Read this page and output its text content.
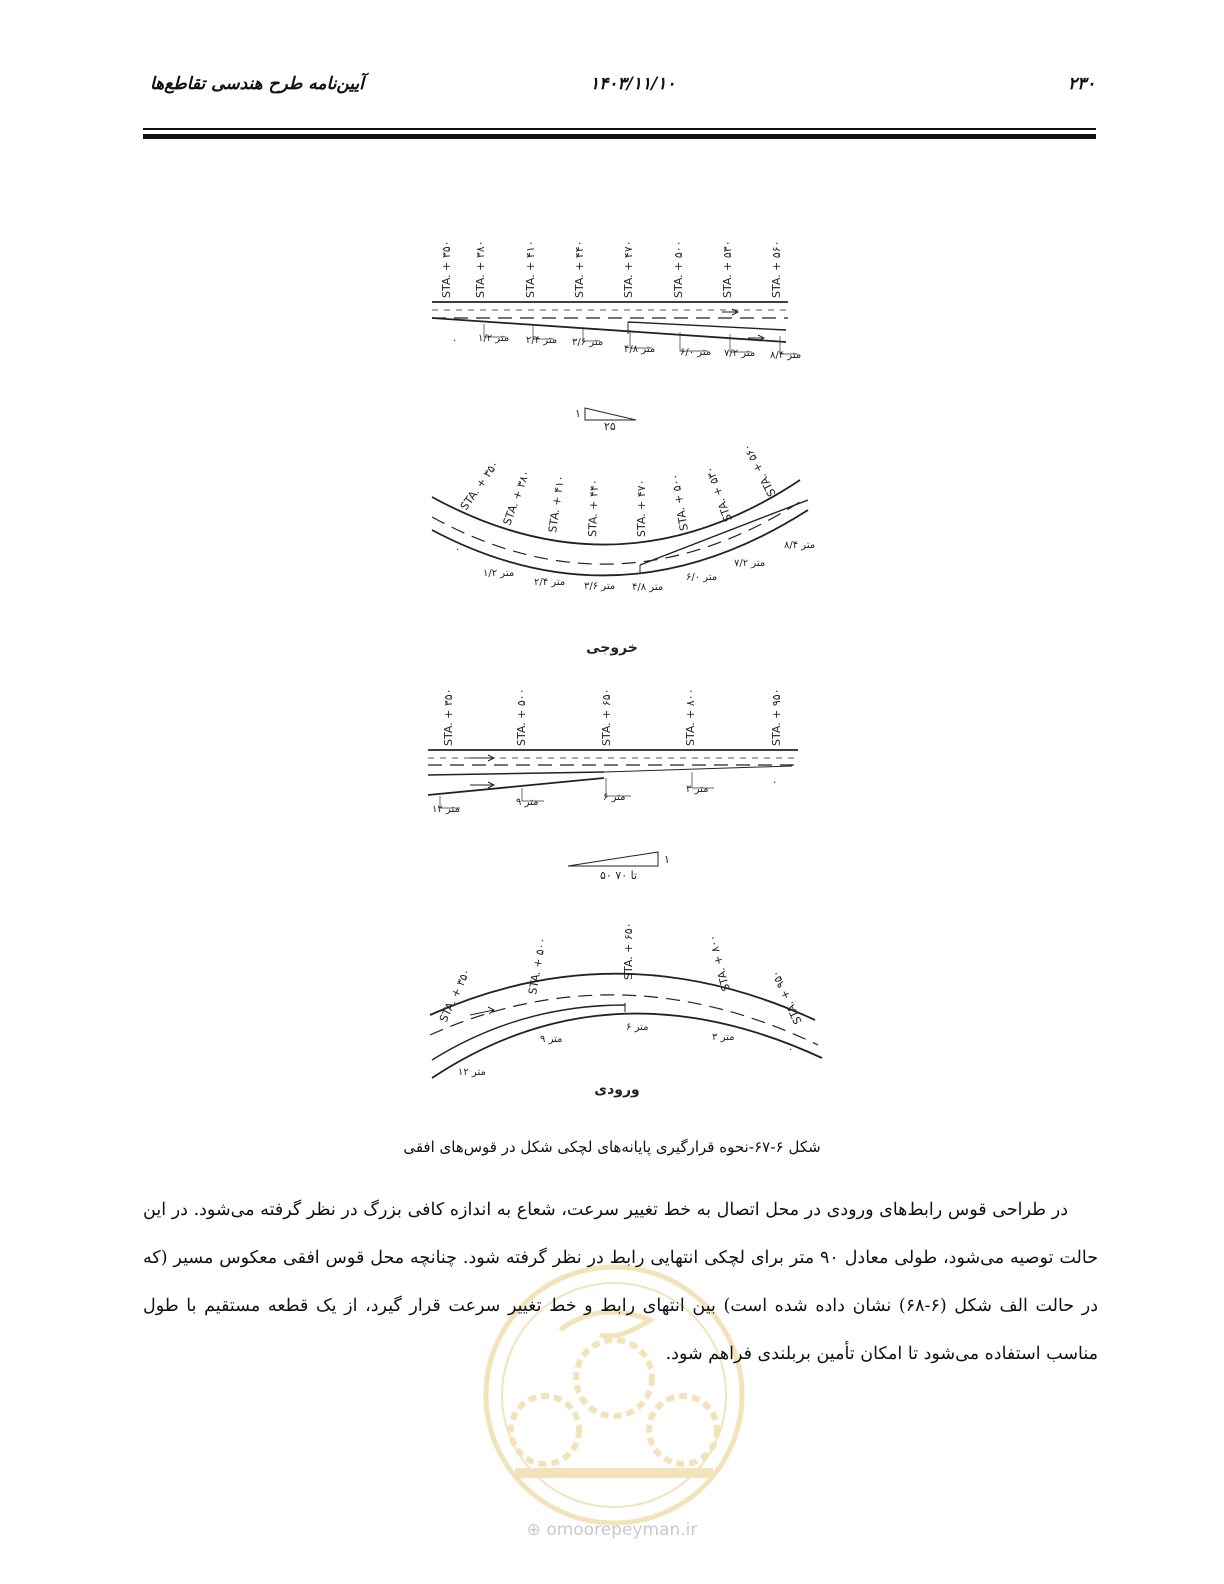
آیین‌نامه طرح هندسی تقاطع‌ها	۱۴۰۳/۱۱/۱۰	۲۳۰
STA. + ۳۵۰ STA. + ۳۸۰	STA. + ۴۱۰	STA. + ۴۴۰	STA. + ۴۷۰	STA. + ۵۰۰	STA. + ۵۳۰	STA. + ۵۶۰
۰ ۱/۲ متر ۲/۴ متر ۳/۶ متر
۴/۸ متر ۶/۰ متر ۷/۲ متر ۸/۴ متر
۱
۲۵
STA. + ۳۵۰ STA. + ۳۸۰ STA. + ۴۱۰ STA. + ۴۴۰	STA. + ۴۷۰ STA. + ۵۰۰ STA. + ۵۳۰ STA. + ۵۶۰
۰
۱/۲ متر
۲/۴ متر ۳/۶ متر ۴/۸ متر
۶/۰ متر
۷/۲ متر
۸/۴ متر
خروجی
STA. + ۳۵۰	STA. + ۵۰۰	STA. + ۶۵۰	STA. + ۸۰۰	STA. + ۹۵۰
۱۲ متر
۹ متر	۶ متر
۳ متر
۰
۱
۵۰ تا ۷۰
STA. + ۳۵۰	STA. + ۵۰۰	STA. + ۶۵۰	STA. + ۸۰۰
STA. + ۹۵۰
۱۲ متر
۹ متر
۶ متر
۳ متر
۰
ورودی
شکل ۶-۶۷-نحوه قرارگیری پایانه‌های لچکی شکل در قوس‌های افقی

در طراحی قوس رابط‌های ورودی در محل اتصال به خط تغییر سرعت، شعاع به اندازه کافی بزرگ در نظر گرفته می‌شود. در این حالت توصیه می‌شود، طولی معادل ۹۰ متر برای لچکی انتهایی رابط در نظر گرفته شود. چنانچه محل قوس افقی معکوس مسیر (که در حالت الف شکل (۶-۶۸) نشان داده شده است) بین انتهای رابط و خط تغییر سرعت قرار گیرد، از یک قطعه مستقیم با طول مناسب استفاده می‌شود تا امکان تأمین بربلندی فراهم شود.

⊕ omoorepeyman.ir
